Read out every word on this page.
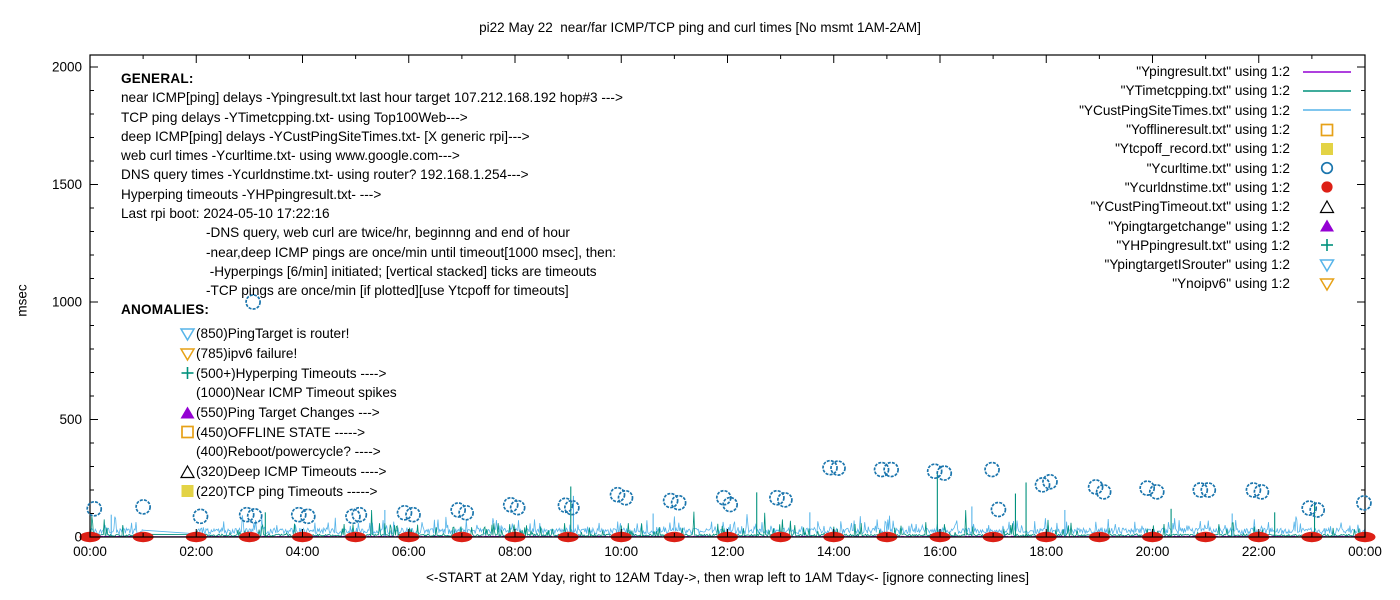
pi22 May 22  near/far ICMP/TCP ping and curl times [No msmt 1AM-2AM]
00:00	02:00	04:00	06:00	08:00	10:00	12:00	14:00	16:00	18:00	20:00	22:00	00:00
0
500
1000
1500
2000
msec
GENERAL:
near ICMP[ping] delays -Ypingresult.txt last hour target 107.212.168.192 hop#3 --->
TCP ping delays -YTimetcpping.txt- using Top100Web--->
deep ICMP[ping] delays -YCustPingSiteTimes.txt- [X generic rpi]--->
web curl times -Ycurltime.txt- using www.google.com--->
DNS query times -Ycurldnstime.txt- using router? 192.168.1.254--->
Hyperping timeouts -YHPpingresult.txt- --->
Last rpi boot: 2024-05-10 17:22:16
-DNS query, web curl are twice/hr, beginnng and end of hour
-near,deep ICMP pings are once/min until timeout[1000 msec], then:
-Hyperpings [6/min] initiated; [vertical stacked] ticks are timeouts
-TCP pings are once/min [if plotted][use Ytcpoff for timeouts]
ANOMALIES:
(850)PingTarget is router!
(785)ipv6 failure!
(500+)Hyperping Timeouts ---->
(1000)Near ICMP Timeout spikes
(550)Ping Target Changes --->
(450)OFFLINE STATE ----->
(400)Reboot/powercycle? ---->
(320)Deep ICMP Timeouts ---->
(220)TCP ping Timeouts ----->
"Ypingresult.txt" using 1:2
"YTimetcpping.txt" using 1:2
"YCustPingSiteTimes.txt" using 1:2
"Yofflineresult.txt" using 1:2
"Ytcpoff_record.txt" using 1:2
"Ycurltime.txt" using 1:2
"Ycurldnstime.txt" using 1:2
"YCustPingTimeout.txt" using 1:2
"Ypingtargetchange" using 1:2
"YHPpingresult.txt" using 1:2
"YpingtargetISrouter" using 1:2
"Ynoipv6" using 1:2
<-START at 2AM Yday, right to 12AM Tday->, then wrap left to 1AM Tday<- [ignore connecting lines]
